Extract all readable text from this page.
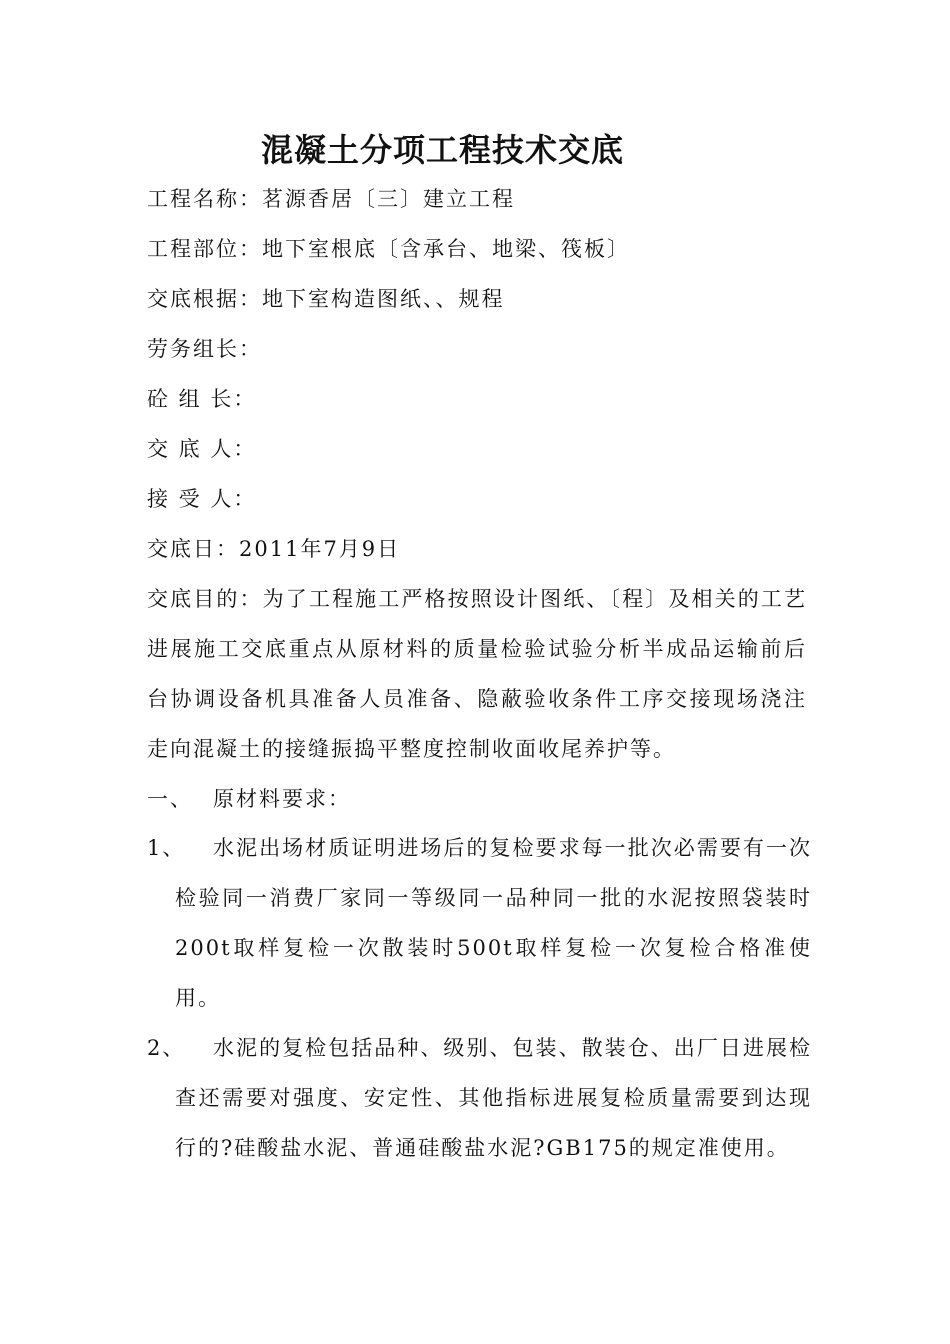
混凝土分项工程技术交底
工程名称：茗源香居〔三〕建立工程
工程部位：地下室根底〔含承台、地梁、筏板〕
交底根据：地下室构造图纸、、规程
劳务组长：
砼 组 长：
交 底 人：
接 受 人：
交底日：2011年7月9日

交底目的：为了工程施工严格按照设计图纸、〔程〕及相关的工艺进展施工交底重点从原材料的质量检验试验分析半成品运输前后台协调设备机具准备人员准备、隐蔽验收条件工序交接现场浇注走向混凝土的接缝振捣平整度控制收面收尾养护等。

一、 原材料要求：
1、	水泥出场材质证明进场后的复检要求每一批次必需要有一次检验同一消费厂家同一等级同一品种同一批的水泥按照袋装时200t取样复检一次散装时500t取样复检一次复检合格准使用。

2、	水泥的复检包括品种、级别、包装、散装仓、出厂日进展检查还需要对强度、安定性、其他指标进展复检质量需要到达现行的?硅酸盐水泥、普通硅酸盐水泥?GB175的规定准使用。
